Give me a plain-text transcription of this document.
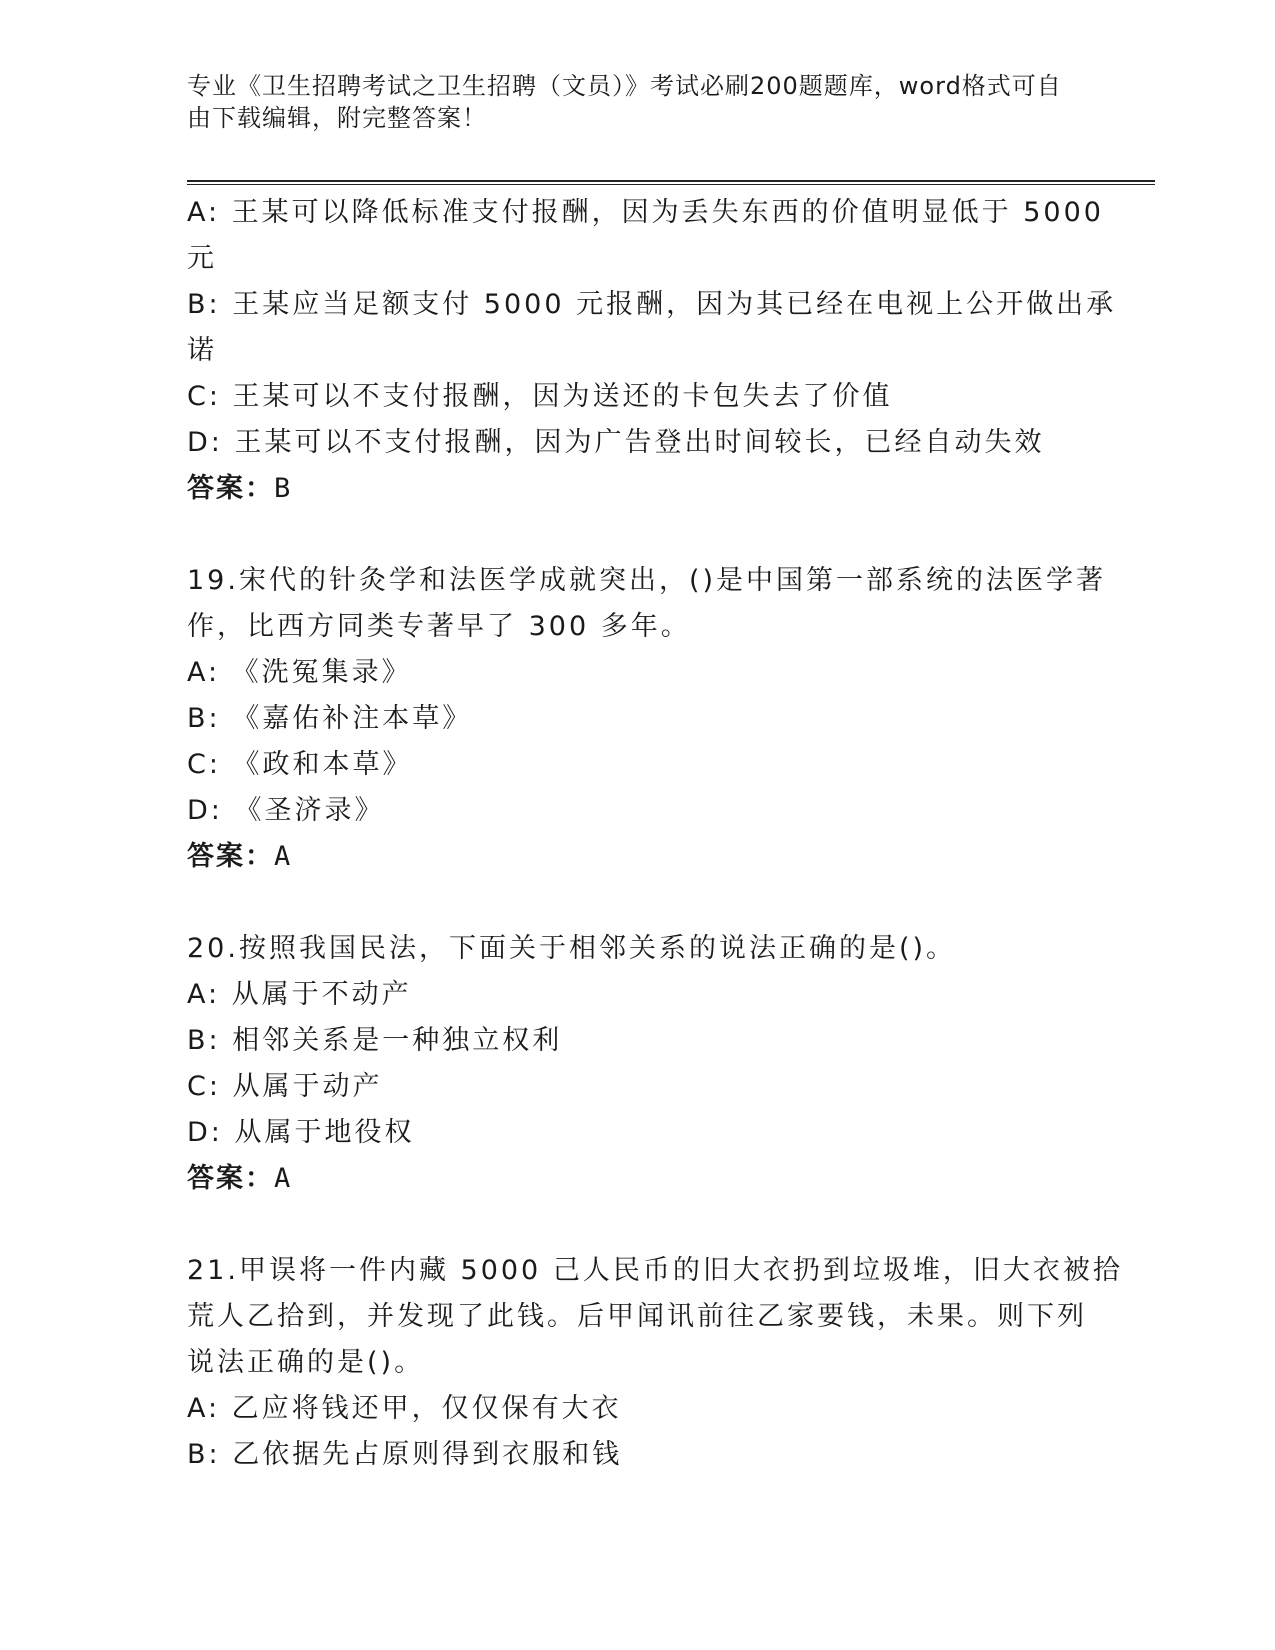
专业《卫生招聘考试之卫生招聘（文员）》考试必刷200题题库，word格式可自
由下载编辑，附完整答案！
A: 王某可以降低标准支付报酬，因为丢失东西的价值明显低于 5000
元
B: 王某应当足额支付 5000 元报酬，因为其已经在电视上公开做出承
诺
C: 王某可以不支付报酬，因为送还的卡包失去了价值
D: 王某可以不支付报酬，因为广告登出时间较长，已经自动失效
答案：B
19.宋代的针灸学和法医学成就突出，()是中国第一部系统的法医学著
作，比西方同类专著早了 300 多年。
A: 《洗冤集录》
B: 《嘉佑补注本草》
C: 《政和本草》
D: 《圣济录》
答案：A
20.按照我国民法，下面关于相邻关系的说法正确的是()。
A: 从属于不动产
B: 相邻关系是一种独立权利
C: 从属于动产
D: 从属于地役权
答案：A
21.甲误将一件内藏 5000 己人民币的旧大衣扔到垃圾堆，旧大衣被拾
荒人乙拾到，并发现了此钱。后甲闻讯前往乙家要钱，未果。则下列
说法正确的是()。
A: 乙应将钱还甲，仅仅保有大衣
B: 乙依据先占原则得到衣服和钱
